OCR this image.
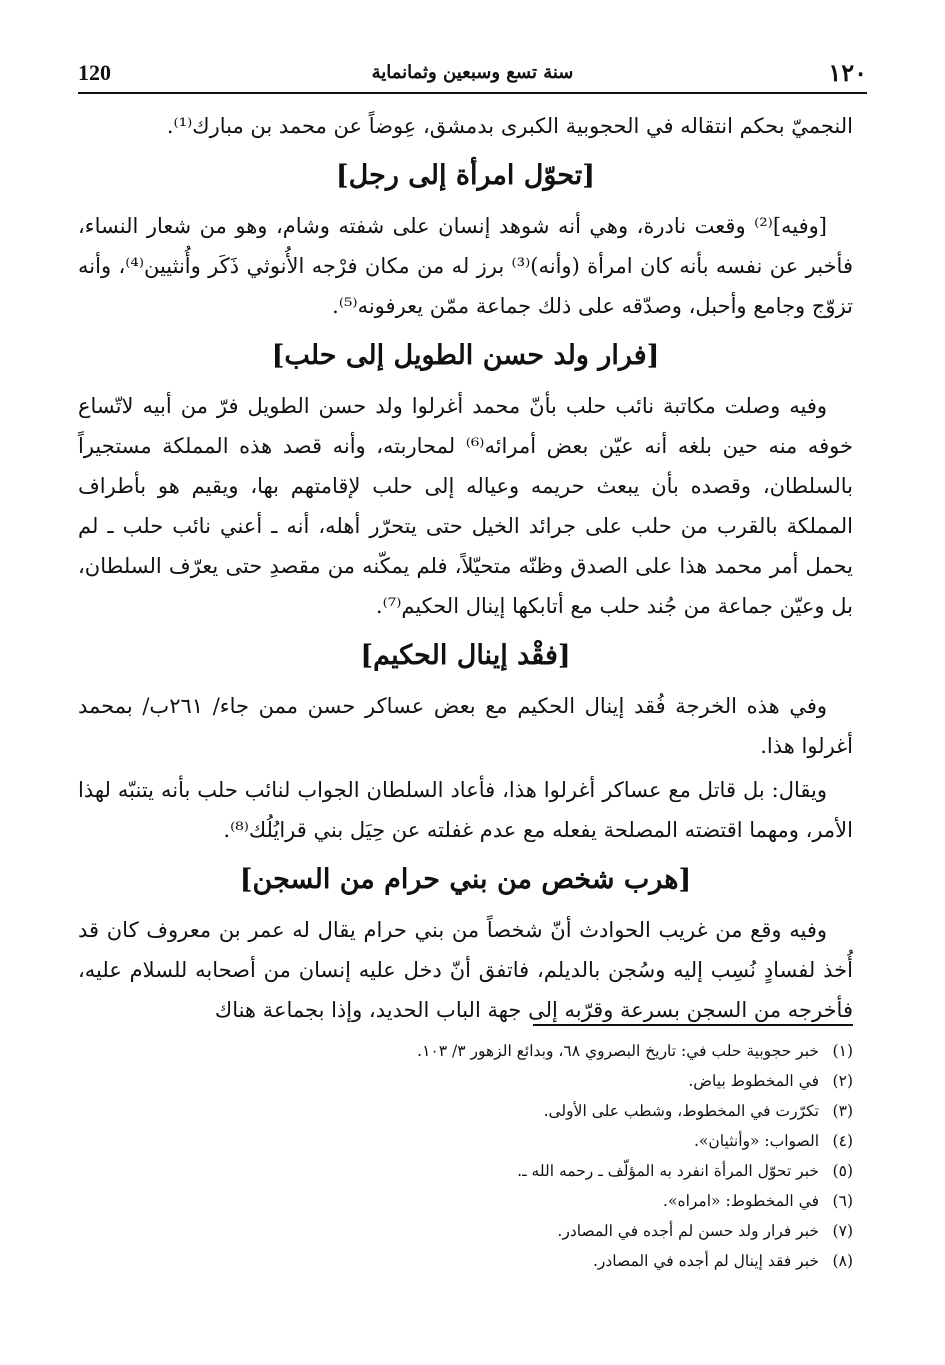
120	سنة تسع وسبعين وثمانماية	١٢٠

النجميّ بحكم انتقاله في الحجوبية الكبرى بدمشق، عِوضاً عن محمد بن مبارك⁽¹⁾.

[تحوّل امرأة إلى رجل]

[وفيه]⁽²⁾ وقعت نادرة، وهي أنه شوهد إنسان على شفته وشام، وهو من شعار النساء، فأخبر عن نفسه بأنه كان امرأة (وأنه)⁽³⁾ برز له من مكان فرْجه الأُنوثي ذَكَر وأُنثيين⁽⁴⁾، وأنه تزوّج وجامع وأحبل، وصدّقه على ذلك جماعة ممّن يعرفونه⁽⁵⁾.

[فرار ولد حسن الطويل إلى حلب]

وفيه وصلت مكاتبة نائب حلب بأنّ محمد أغرلوا ولد حسن الطويل فرّ من أبيه لاتّساع خوفه منه حين بلغه أنه عيّن بعض أمرائه⁽⁶⁾ لمحاربته، وأنه قصد هذه المملكة مستجيراً بالسلطان، وقصده بأن يبعث حريمه وعياله إلى حلب لإقامتهم بها، ويقيم هو بأطراف المملكة بالقرب من حلب على جرائد الخيل حتى يتحرّر أهله، أنه ـ أعني نائب حلب ـ لم يحمل أمر محمد هذا على الصدق وظنّه متحيّلاً، فلم يمكّنه من مقصدِ حتى يعرّف السلطان، بل وعيّن جماعة من جُند حلب مع أتابكها إينال الحكيم⁽⁷⁾.

[فقْد إينال الحكيم]

وفي هذه الخرجة فُقد إينال الحكيم مع بعض عساكر حسن ممن جاء/ ٢٦١ب/ بمحمد أغرلوا هذا.

ويقال: بل قاتل مع عساكر أغرلوا هذا، فأعاد السلطان الجواب لنائب حلب بأنه يتنبّه لهذا الأمر، ومهما اقتضته المصلحة يفعله مع عدم غفلته عن حِيَل بني قرايُلُك⁽⁸⁾.

[هرب شخص من بني حرام من السجن]

وفيه وقع من غريب الحوادث أنّ شخصاً من بني حرام يقال له عمر بن معروف كان قد أُخذ لفسادٍ نُسِب إليه وسُجن بالديلم، فاتفق أنّ دخل عليه إنسان من أصحابه للسلام عليه، فأخرجه من السجن بسرعة وقرّبه إلى جهة الباب الحديد، وإذا بجماعة هناك

(١)خبر حجوبية حلب في: تاريخ البصروي ٦٨، وبدائع الزهور ٣/ ١٠٣.
(٢)في المخطوط بياض.
(٣)تكرّرت في المخطوط، وشطب على الأولى.
(٤)الصواب: «وأنثيان».
(٥)خبر تحوّل المرأة انفرد به المؤلّف ـ رحمه الله ـ.
(٦)في المخطوط: «امراه».
(٧)خبر فرار ولد حسن لم أجده في المصادر.
(٨)خبر فقد إينال لم أجده في المصادر.
